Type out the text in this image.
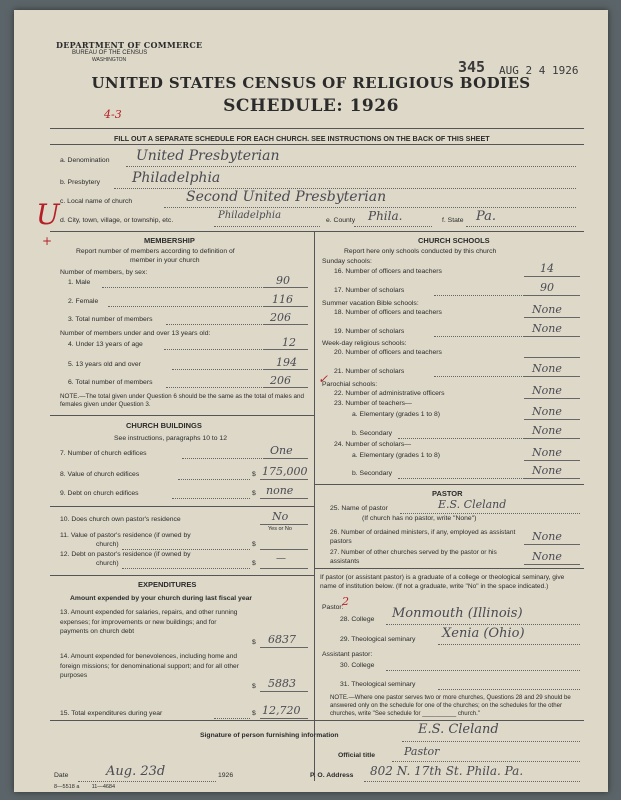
DEPARTMENT OF COMMERCE
BUREAU OF THE CENSUS
WASHINGTON	345 AUG 2 4 1926
UNITED STATES CENSUS OF RELIGIOUS BODIES
SCHEDULE: 1926
4-3
FILL OUT A SEPARATE SCHEDULE FOR EACH CHURCH. SEE INSTRUCTIONS ON THE BACK OF THIS SHEET
a. Denomination United Presbyterian
b. Presbytery Philadelphia
c. Local name of church	Second United Presbyterian
U
+
d. City, town, village, or township, etc.	Philadelphia	e. County Phila.	f. State Pa.
MEMBERSHIP
Report number of members according to definition of
member in your church
Number of members, by sex:
1. Male	90
2. Female	116
3. Total number of members	206
Number of members under and over 13 years old:
4. Under 13 years of age	12
5. 13 years old and over	194
6. Total number of members	206
NOTE.—The total given under Question 6 should be the same as the total of males and females given under Question 3.
CHURCH BUILDINGS
See instructions, paragraphs 10 to 12
7. Number of church edifices	One
8. Value of church edifices	$ 175,000
9. Debt on church edifices	$ none
10. Does church own pastor's residence	No
Yes or No
11. Value of pastor's residence (if owned by
church)	$
12. Debt on pastor's residence (if owned by
church)	$ —
EXPENDITURES
Amount expended by your church during last fiscal year
13. Amount expended for salaries, repairs, and other running expenses; for improvements or new buildings; and for payments on church debt
$ 6837
14. Amount expended for benevolences, including home and foreign missions; for denominational support; and for all other purposes
$ 5883
15. Total expenditures during year	$ 12,720
CHURCH SCHOOLS
Report here only schools conducted by this church
Sunday schools:
16. Number of officers and teachers	14
17. Number of scholars	90
Summer vacation Bible schools:
18. Number of officers and teachers	None
19. Number of scholars	None
Week-day religious schools:
20. Number of officers and teachers
✓
21. Number of scholars	None
Parochial schools:
22. Number of administrative officers	None
23. Number of teachers—
a. Elementary (grades 1 to 8)	None
b. Secondary	None
24. Number of scholars—
a. Elementary (grades 1 to 8)	None
b. Secondary	None
PASTOR
25. Name of pastor	E.S. Cleland
(If church has no pastor, write "None")
26. Number of ordained ministers, if any, employed as assistant pastors	None
27. Number of other churches served by the pastor or his assistants	None
If pastor (or assistant pastor) is a graduate of a college or theological seminary, give name of institution below. (If not a graduate, write "No" in the space indicated.)
Pastor:
2
28. College Monmouth (Illinois)
29. Theological seminary Xenia (Ohio)
Assistant pastor:
30. College
31. Theological seminary
NOTE.—Where one pastor serves two or more churches, Questions 28 and 29 should be answered only on the schedule for one of the churches; on the schedules for the other churches, write "See schedule for __________ church."
Signature of person furnishing information	E.S. Cleland
Official title	Pastor
Date	Aug. 23d	1926	P. O. Address 802 N. 17th St. Phila. Pa.
8—5518 a        11—4684
